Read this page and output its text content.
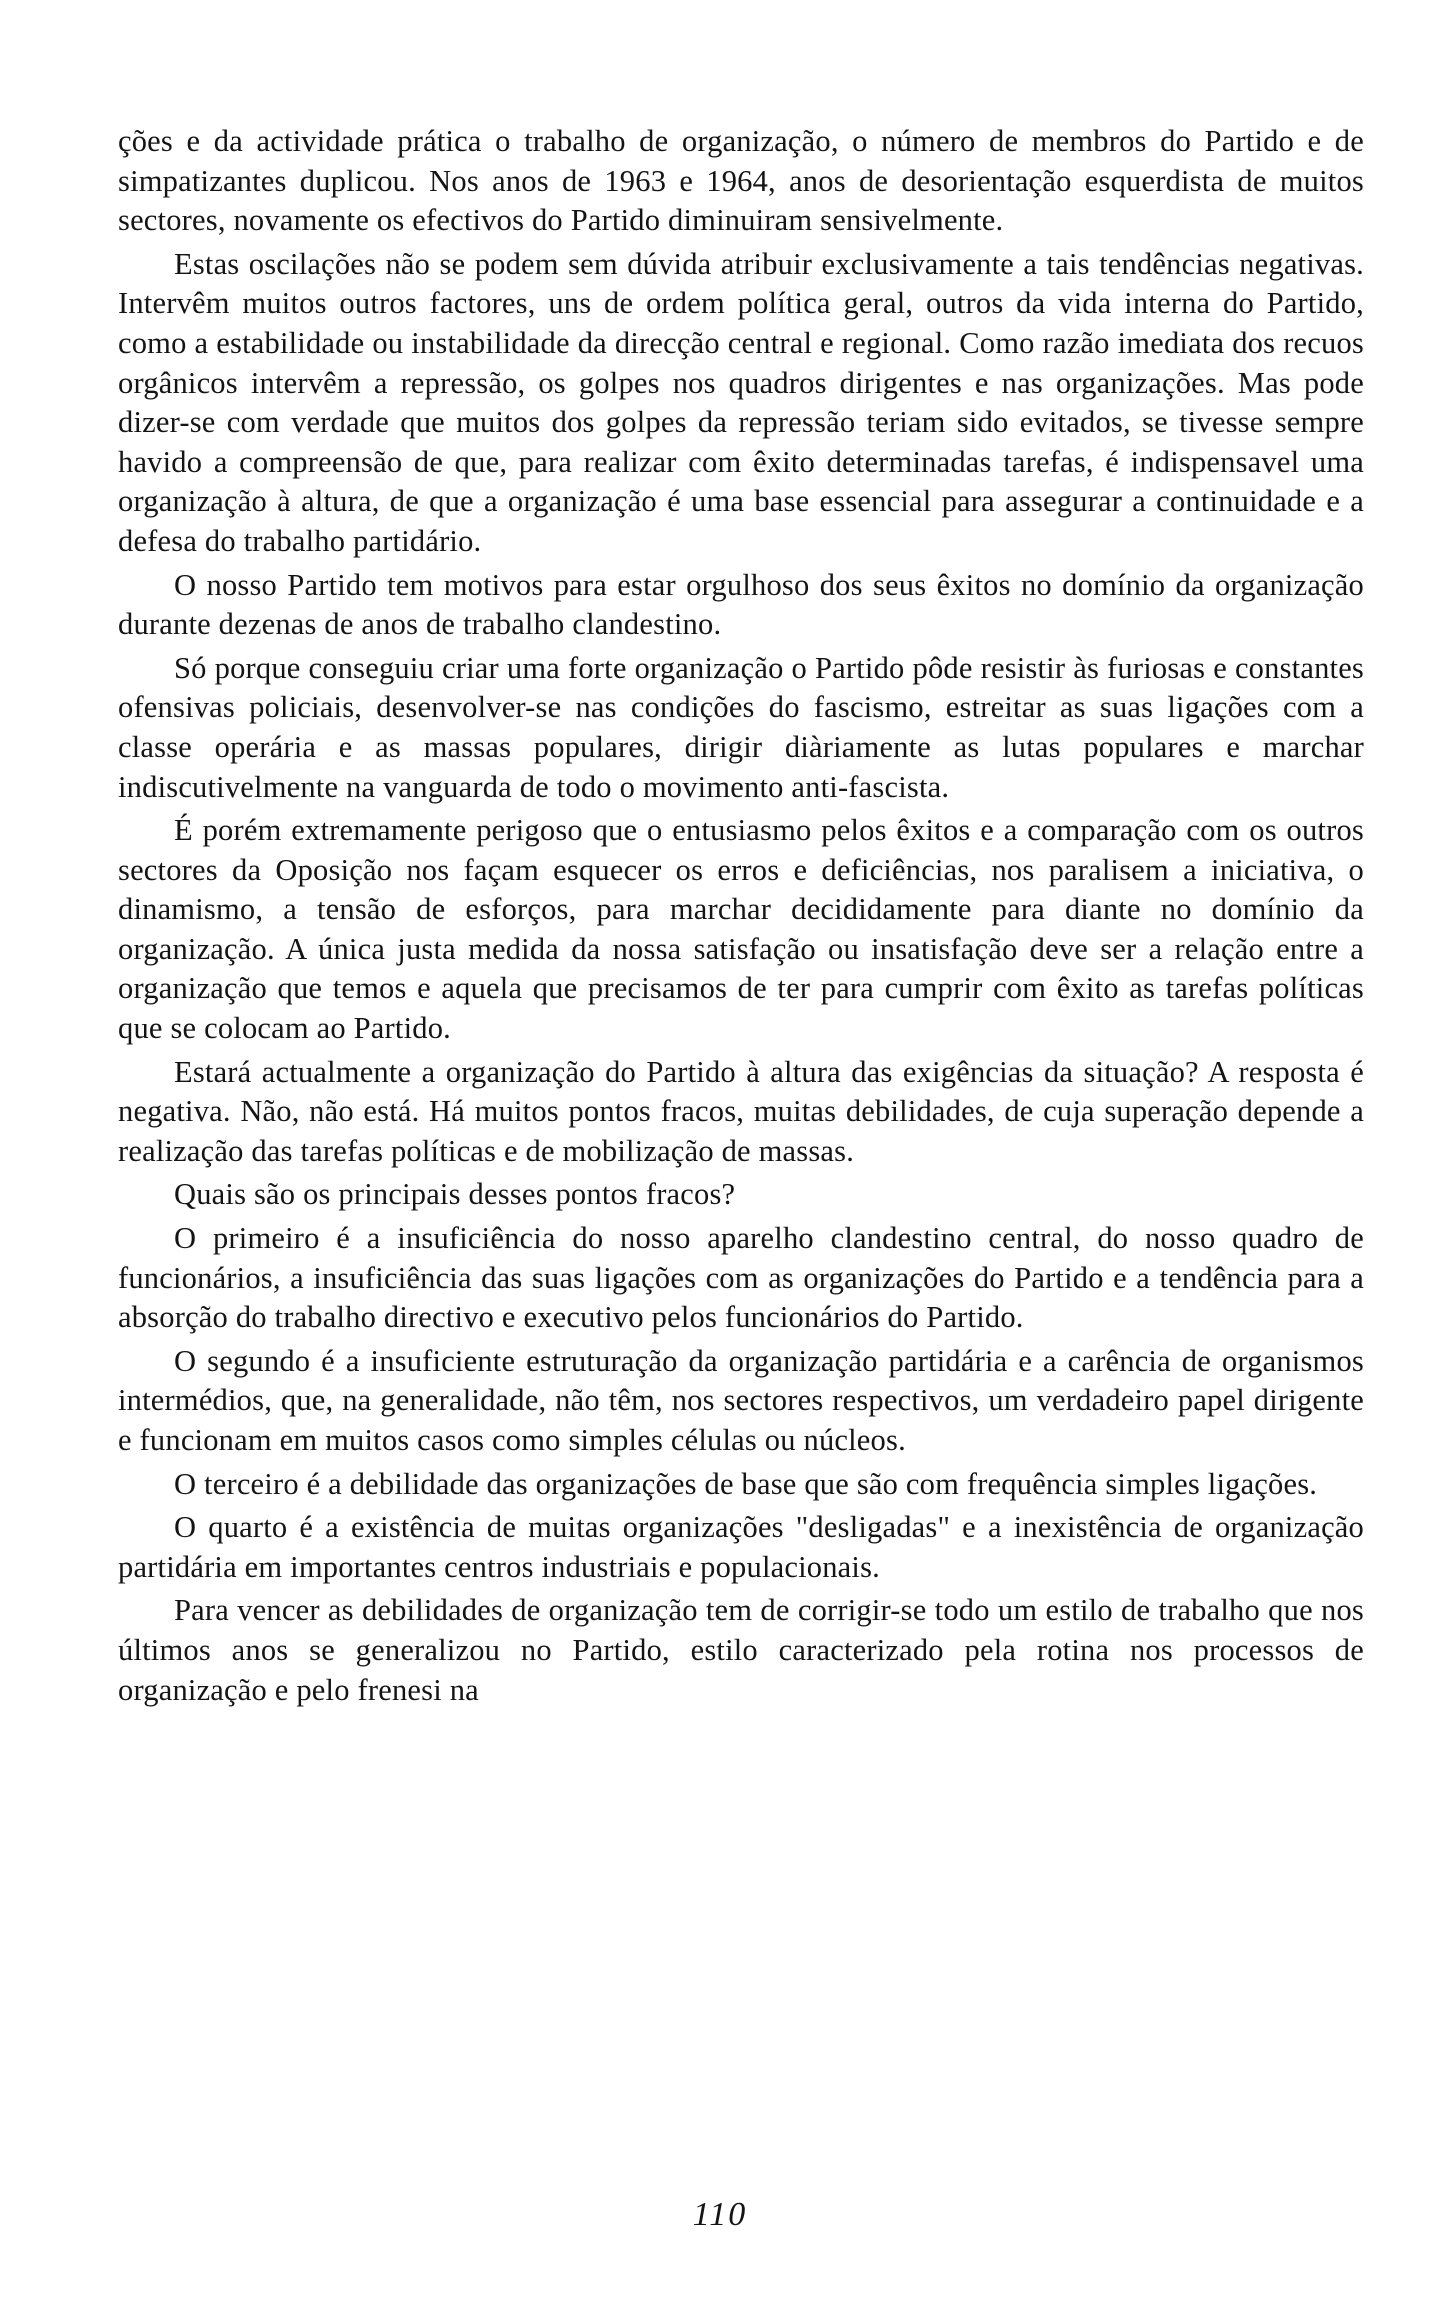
ções e da actividade prática o trabalho de organização, o número de membros do Partido e de simpatizantes duplicou. Nos anos de 1963 e 1964, anos de desorientação esquerdista de muitos sectores, novamente os efectivos do Partido diminuiram sensivelmente.

Estas oscilações não se podem sem dúvida atribuir exclusivamente a tais tendências negativas. Intervêm muitos outros factores, uns de ordem política geral, outros da vida interna do Partido, como a estabilidade ou instabilidade da direcção central e regional. Como razão imediata dos recuos orgânicos intervêm a repressão, os golpes nos quadros dirigentes e nas organizações. Mas pode dizer-se com verdade que muitos dos golpes da repressão teriam sido evitados, se tivesse sempre havido a compreensão de que, para realizar com êxito determinadas tarefas, é indispensavel uma organização à altura, de que a organização é uma base essencial para assegurar a continuidade e a defesa do trabalho partidário.

O nosso Partido tem motivos para estar orgulhoso dos seus êxitos no domínio da organização durante dezenas de anos de trabalho clandestino.

Só porque conseguiu criar uma forte organização o Partido pôde resistir às furiosas e constantes ofensivas policiais, desenvolver-se nas condições do fascismo, estreitar as suas ligações com a classe operária e as massas populares, dirigir diàriamente as lutas populares e marchar indiscutivelmente na vanguarda de todo o movimento anti-fascista.

É porém extremamente perigoso que o entusiasmo pelos êxitos e a comparação com os outros sectores da Oposição nos façam esquecer os erros e deficiências, nos paralisem a iniciativa, o dinamismo, a tensão de esforços, para marchar decididamente para diante no domínio da organização. A única justa medida da nossa satisfação ou insatisfação deve ser a relação entre a organização que temos e aquela que precisamos de ter para cumprir com êxito as tarefas políticas que se colocam ao Partido.

Estará actualmente a organização do Partido à altura das exigências da situação? A resposta é negativa. Não, não está. Há muitos pontos fracos, muitas debilidades, de cuja superação depende a realização das tarefas políticas e de mobilização de massas.

Quais são os principais desses pontos fracos?

O primeiro é a insuficiência do nosso aparelho clandestino central, do nosso quadro de funcionários, a insuficiência das suas ligações com as organizações do Partido e a tendência para a absorção do trabalho directivo e executivo pelos funcionários do Partido.

O segundo é a insuficiente estruturação da organização partidária e a carência de organismos intermédios, que, na generalidade, não têm, nos sectores respectivos, um verdadeiro papel dirigente e funcionam em muitos casos como simples células ou núcleos.

O terceiro é a debilidade das organizações de base que são com frequência simples ligações.

O quarto é a existência de muitas organizações "desligadas" e a inexistência de organização partidária em importantes centros industriais e populacionais.

Para vencer as debilidades de organização tem de corrigir-se todo um estilo de trabalho que nos últimos anos se generalizou no Partido, estilo caracterizado pela rotina nos processos de organização e pelo frenesi na

110
